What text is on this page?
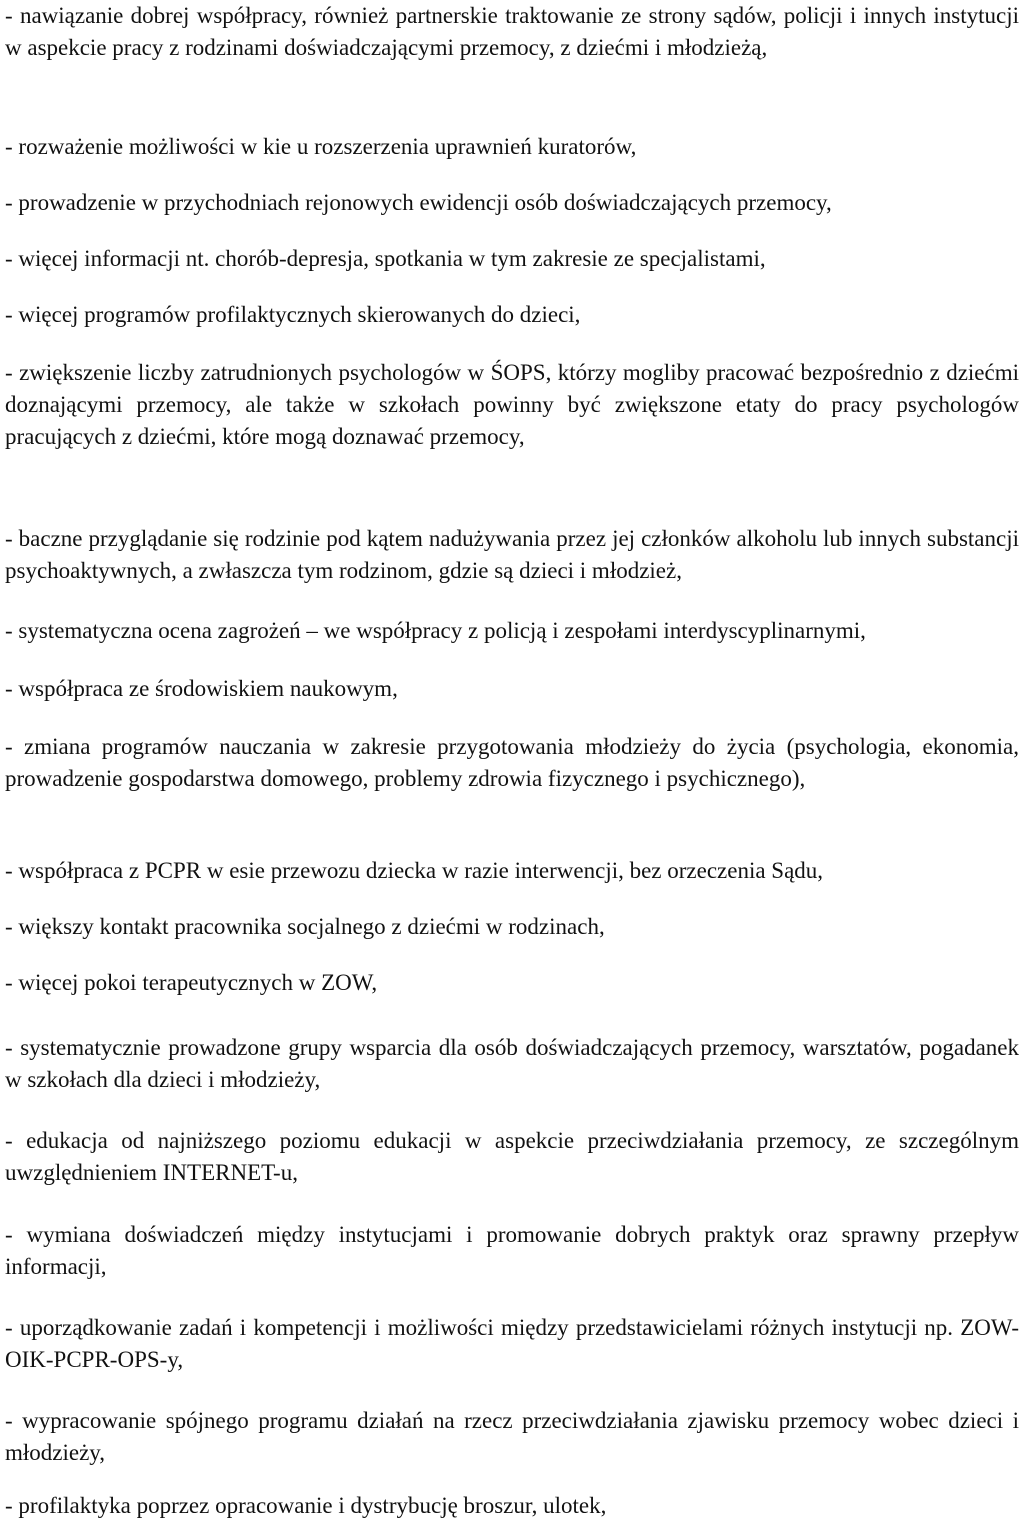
- nawiązanie dobrej współpracy, również partnerskie traktowanie ze strony sądów, policji i innych instytucji w aspekcie pracy z rodzinami doświadczającymi przemocy, z dziećmi i młodzieżą,

- rozważenie możliwości w kie u rozszerzenia uprawnień kuratorów,

- prowadzenie w przychodniach rejonowych ewidencji osób doświadczających przemocy,

- więcej informacji nt. chorób-depresja, spotkania w tym zakresie ze specjalistami,

- więcej programów profilaktycznych skierowanych do dzieci,

- zwiększenie liczby zatrudnionych psychologów w ŚOPS, którzy mogliby pracować bezpośrednio z dziećmi doznającymi przemocy, ale także w szkołach powinny być zwiększone etaty do pracy psychologów pracujących z dziećmi, które mogą doznawać przemocy,

- baczne przyglądanie się rodzinie pod kątem nadużywania przez jej członków alkoholu lub innych substancji psychoaktywnych, a zwłaszcza tym rodzinom, gdzie są dzieci i młodzież,

- systematyczna ocena zagrożeń – we współpracy z policją i zespołami interdyscyplinarnymi,

- współpraca ze środowiskiem naukowym,

- zmiana programów nauczania w zakresie przygotowania młodzieży do życia (psychologia, ekonomia, prowadzenie gospodarstwa domowego, problemy zdrowia fizycznego i psychicznego),

- współpraca z PCPR w esie przewozu dziecka w razie interwencji, bez orzeczenia Sądu,

- większy kontakt pracownika socjalnego z dziećmi w rodzinach,

- więcej pokoi terapeutycznych w ZOW,

- systematycznie prowadzone grupy wsparcia dla osób doświadczających przemocy, warsztatów, pogadanek w szkołach dla dzieci i młodzieży,

- edukacja od najniższego poziomu edukacji w aspekcie przeciwdziałania przemocy, ze szczególnym uwzględnieniem INTERNET-u,

- wymiana doświadczeń między instytucjami i promowanie dobrych praktyk oraz sprawny przepływ informacji,

- uporządkowanie zadań i kompetencji i możliwości między przedstawicielami różnych instytucji np. ZOW-OIK-PCPR-OPS-y,

- wypracowanie spójnego programu działań na rzecz przeciwdziałania zjawisku przemocy wobec dzieci i młodzieży,

- profilaktyka poprzez opracowanie i dystrybucję broszur, ulotek,
